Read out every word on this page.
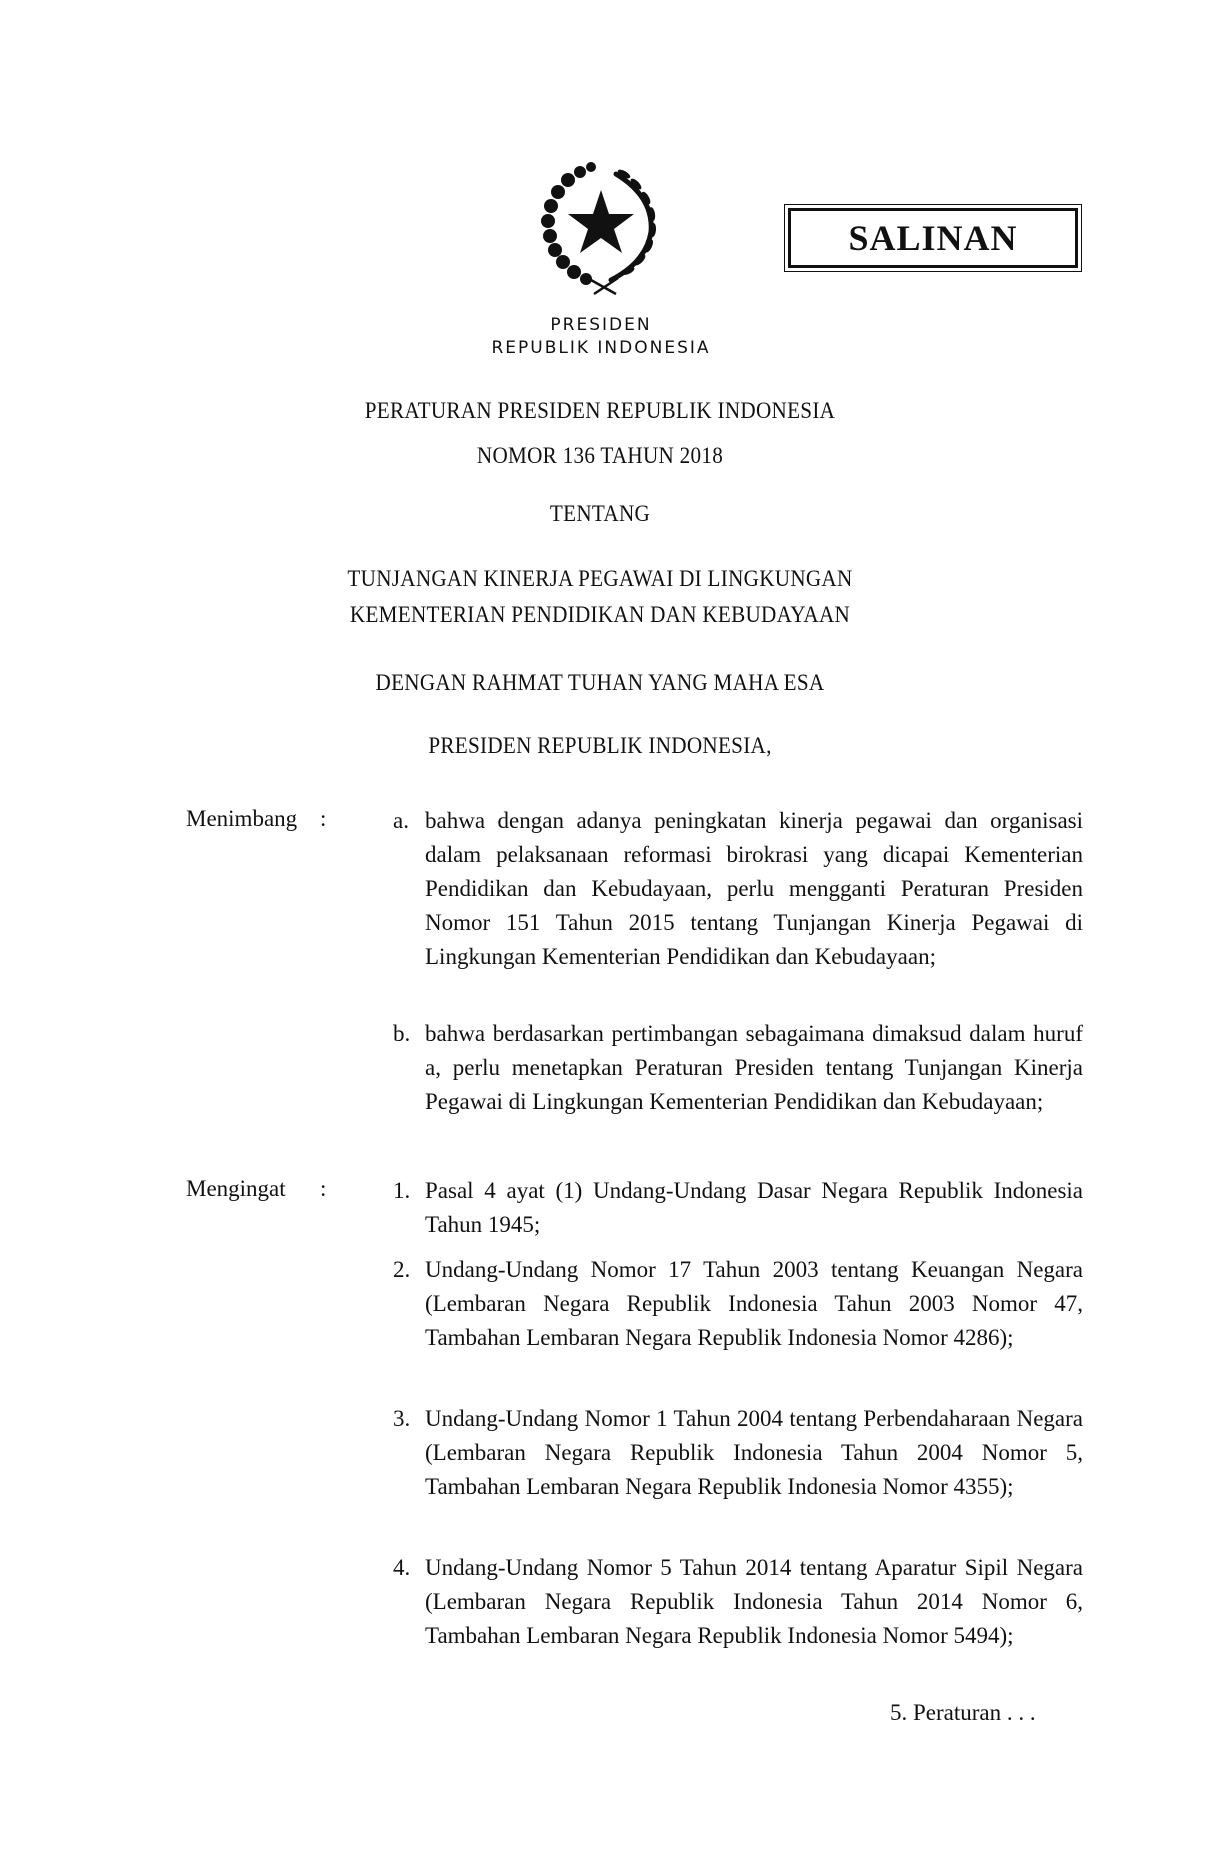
SALINAN
PRESIDEN
REPUBLIK INDONESIA
PERATURAN PRESIDEN REPUBLIK INDONESIA
NOMOR 136 TAHUN 2018
TENTANG
TUNJANGAN KINERJA PEGAWAI DI LINGKUNGAN
KEMENTERIAN PENDIDIKAN DAN KEBUDAYAAN
DENGAN RAHMAT TUHAN YANG MAHA ESA
PRESIDEN REPUBLIK INDONESIA,
Menimbang :	a. bahwa dengan adanya peningkatan kinerja pegawai dan organisasi dalam pelaksanaan reformasi birokrasi yang dicapai Kementerian Pendidikan dan Kebudayaan, perlu mengganti Peraturan Presiden Nomor 151 Tahun 2015 tentang Tunjangan Kinerja Pegawai di Lingkungan Kementerian Pendidikan dan Kebudayaan;
b. bahwa berdasarkan pertimbangan sebagaimana dimaksud dalam huruf a, perlu menetapkan Peraturan Presiden tentang Tunjangan Kinerja Pegawai di Lingkungan Kementerian Pendidikan dan Kebudayaan;
Mengingat :	1. Pasal 4 ayat (1) Undang-Undang Dasar Negara Republik Indonesia Tahun 1945;
2. Undang-Undang Nomor 17 Tahun 2003 tentang Keuangan Negara (Lembaran Negara Republik Indonesia Tahun 2003 Nomor 47, Tambahan Lembaran Negara Republik Indonesia Nomor 4286);
3. Undang-Undang Nomor 1 Tahun 2004 tentang Perbendaharaan Negara (Lembaran Negara Republik Indonesia Tahun 2004 Nomor 5, Tambahan Lembaran Negara Republik Indonesia Nomor 4355);
4. Undang-Undang Nomor 5 Tahun 2014 tentang Aparatur Sipil Negara (Lembaran Negara Republik Indonesia Tahun 2014 Nomor 6, Tambahan Lembaran Negara Republik Indonesia Nomor 5494);
5. Peraturan . . .
